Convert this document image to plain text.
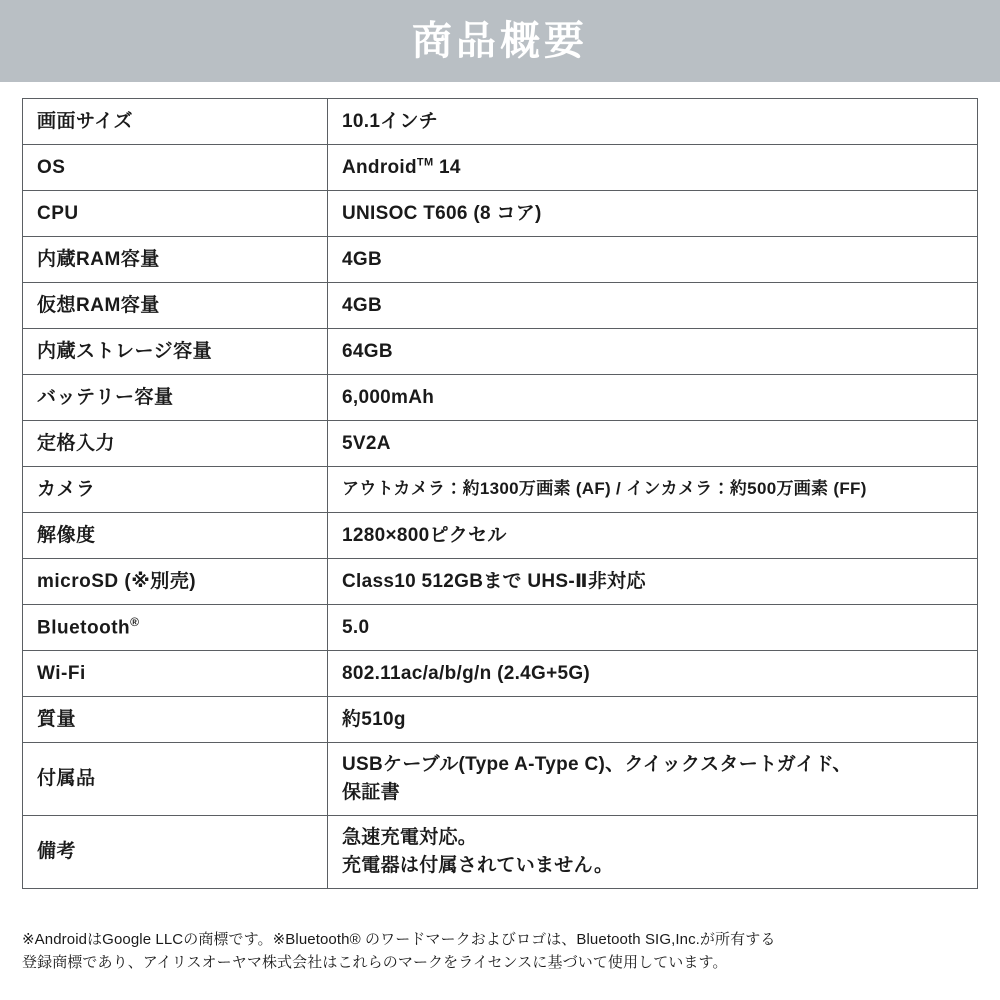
商品概要
画面サイズ	10.1インチ
OS	Android™ 14
CPU	UNISOC T606 (8 コア)
内蔵RAM容量	4GB
仮想RAM容量	4GB
内蔵ストレージ容量	64GB
バッテリー容量	6,000mAh
定格入力	5V2A
カメラ	アウトカメラ：約1300万画素 (AF) / インカメラ：約500万画素 (FF)
解像度	1280×800ピクセル
microSD (※別売)	Class10 512GBまで UHS-Ⅱ非対応
Bluetooth®	5.0
Wi-Fi	802.11ac/a/b/g/n (2.4G+5G)
質量	約510g
付属品	USBケーブル(Type A-Type C)、クイックスタートガイド、
保証書

備考	急速充電対応。
充電器は付属されていません。
※AndroidはGoogle LLCの商標です。※Bluetooth® のワードマークおよびロゴは、Bluetooth SIG,Inc.が所有する
登録商標であり、アイリスオーヤマ株式会社はこれらのマークをライセンスに基づいて使用しています。
